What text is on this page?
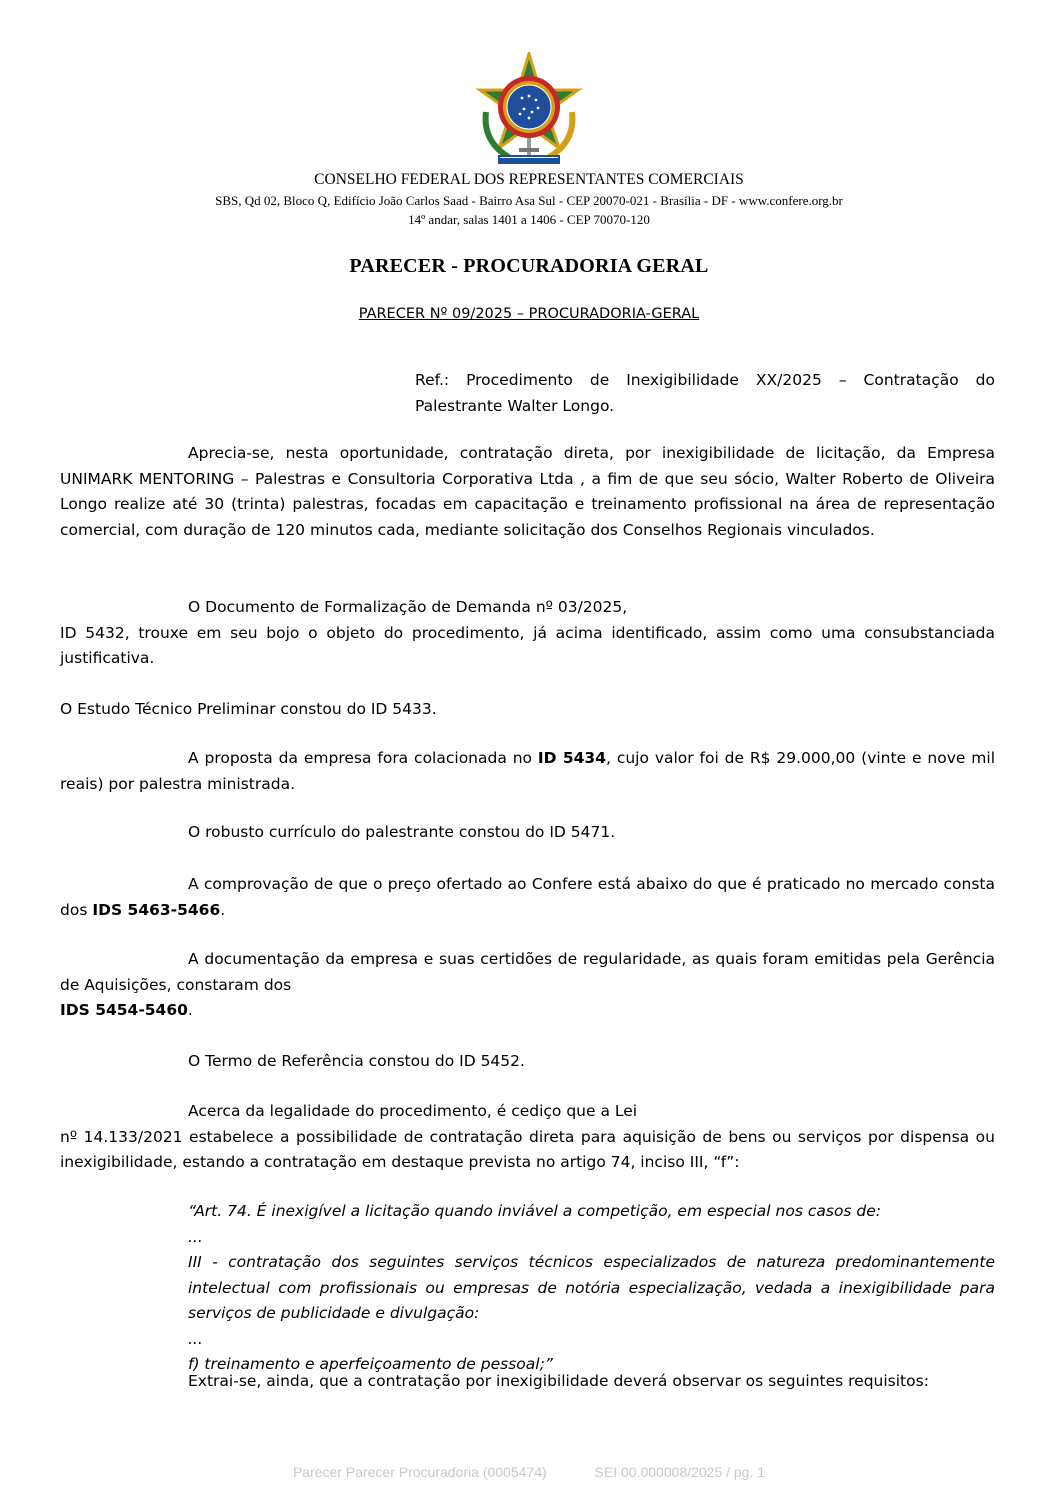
CONSELHO FEDERAL DOS REPRESENTANTES COMERCIAIS
SBS, Qd 02, Bloco Q, Edifício João Carlos Saad - Bairro Asa Sul - CEP 20070-021 - Brasília - DF - www.confere.org.br
14º andar, salas 1401 a 1406 - CEP 70070-120
PARECER - PROCURADORIA GERAL
PARECER Nº 09/2025 – PROCURADORIA-GERAL
Ref.: Procedimento de Inexigibilidade XX/2025 – Contratação do Palestrante Walter Longo.

Aprecia-se, nesta oportunidade, contratação direta, por inexigibilidade de licitação, da Empresa UNIMARK MENTORING – Palestras e Consultoria Corporativa Ltda , a fim de que seu sócio, Walter Roberto de Oliveira Longo realize até 30 (trinta) palestras, focadas em capacitação e treinamento profissional na área de representação comercial, com duração de 120 minutos cada, mediante solicitação dos Conselhos Regionais vinculados.

O Documento de Formalização de Demanda nº 03/2025,
ID 5432, trouxe em seu bojo o objeto do procedimento, já acima identificado, assim como uma consubstanciada justificativa.
O Estudo Técnico Preliminar constou do ID 5433.
A proposta da empresa fora colacionada no ID 5434, cujo valor foi de R$ 29.000,00 (vinte e nove mil reais) por palestra ministrada.
O robusto currículo do palestrante constou do ID 5471.
A comprovação de que o preço ofertado ao Confere está abaixo do que é praticado no mercado consta dos IDS 5463-5466.
A documentação da empresa e suas certidões de regularidade, as quais foram emitidas pela Gerência de Aquisições, constaram dos
IDS 5454-5460.
O Termo de Referência constou do ID 5452.
Acerca da legalidade do procedimento, é cediço que a Lei
nº 14.133/2021 estabelece a possibilidade de contratação direta para aquisição de bens ou serviços por dispensa ou inexigibilidade, estando a contratação em destaque prevista no artigo 74, inciso III, “f”:
“Art. 74. É inexigível a licitação quando inviável a competição, em especial nos casos de:
...
III - contratação dos seguintes serviços técnicos especializados de natureza predominantemente intelectual com profissionais ou empresas de notória especialização, vedada a inexigibilidade para serviços de publicidade e divulgação:
...
f) treinamento e aperfeiçoamento de pessoal;”
Extrai-se, ainda, que a contratação por inexigibilidade deverá observar os seguintes requisitos:
Parecer Parecer Procuradoria (0005474)	SEI 00.000008/2025 / pg. 1
